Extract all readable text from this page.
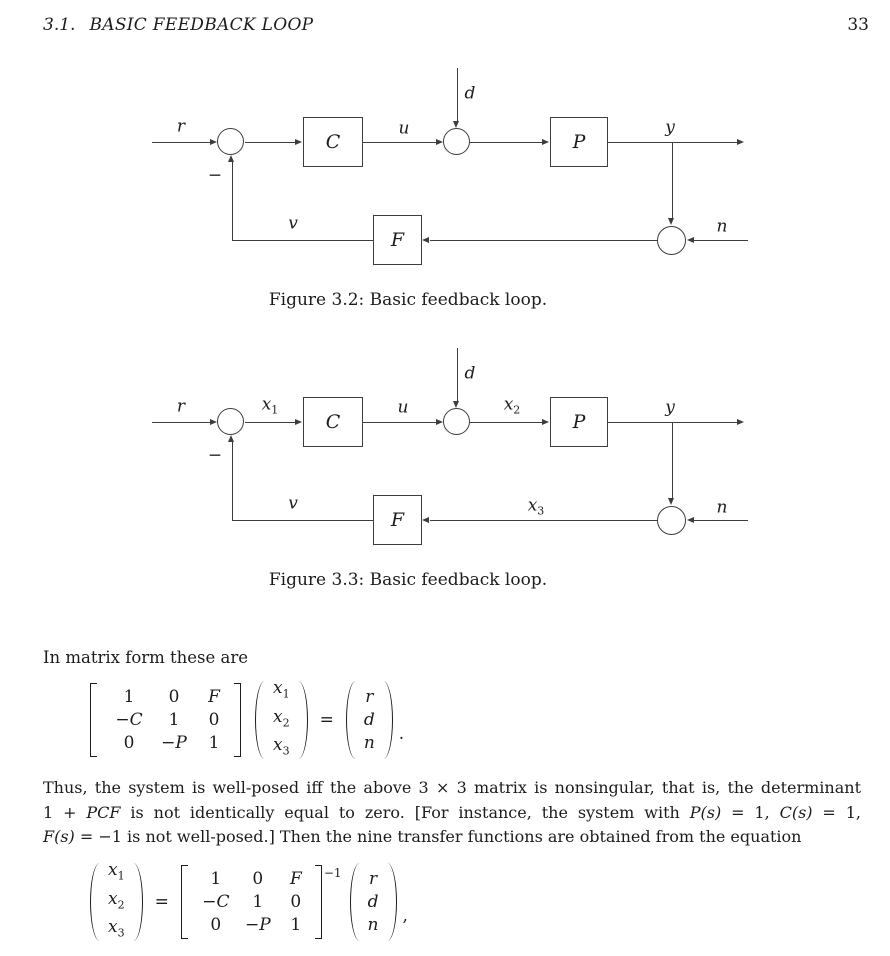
3.1. BASIC FEEDBACK LOOP	33
C	P
F
r
d
u	y
n
v
−
Figure 3.2: Basic feedback loop.
C	P
F
r
d
$x_1$	u	$x_2$	y
$x_3$	n
v
−
Figure 3.3: Basic feedback loop.
In matrix form these are
1 0 F
−C 1 0
0 −P 1
$x_1$
$x_2$
$x_3$
=
r
d
n .
Thus, the system is well-posed iff the above 3 × 3 matrix is nonsingular, that is, the determinant
1 + PCF is not identically equal to zero. [For instance, the system with P(s) = 1, C(s) = 1,
F(s) = −1 is not well-posed.] Then the nine transfer functions are obtained from the equation
$x_1$
$x_2$
$x_3$
=
1 0 F
−C 1 0
0 −P 1
−1 r
d
n ,
